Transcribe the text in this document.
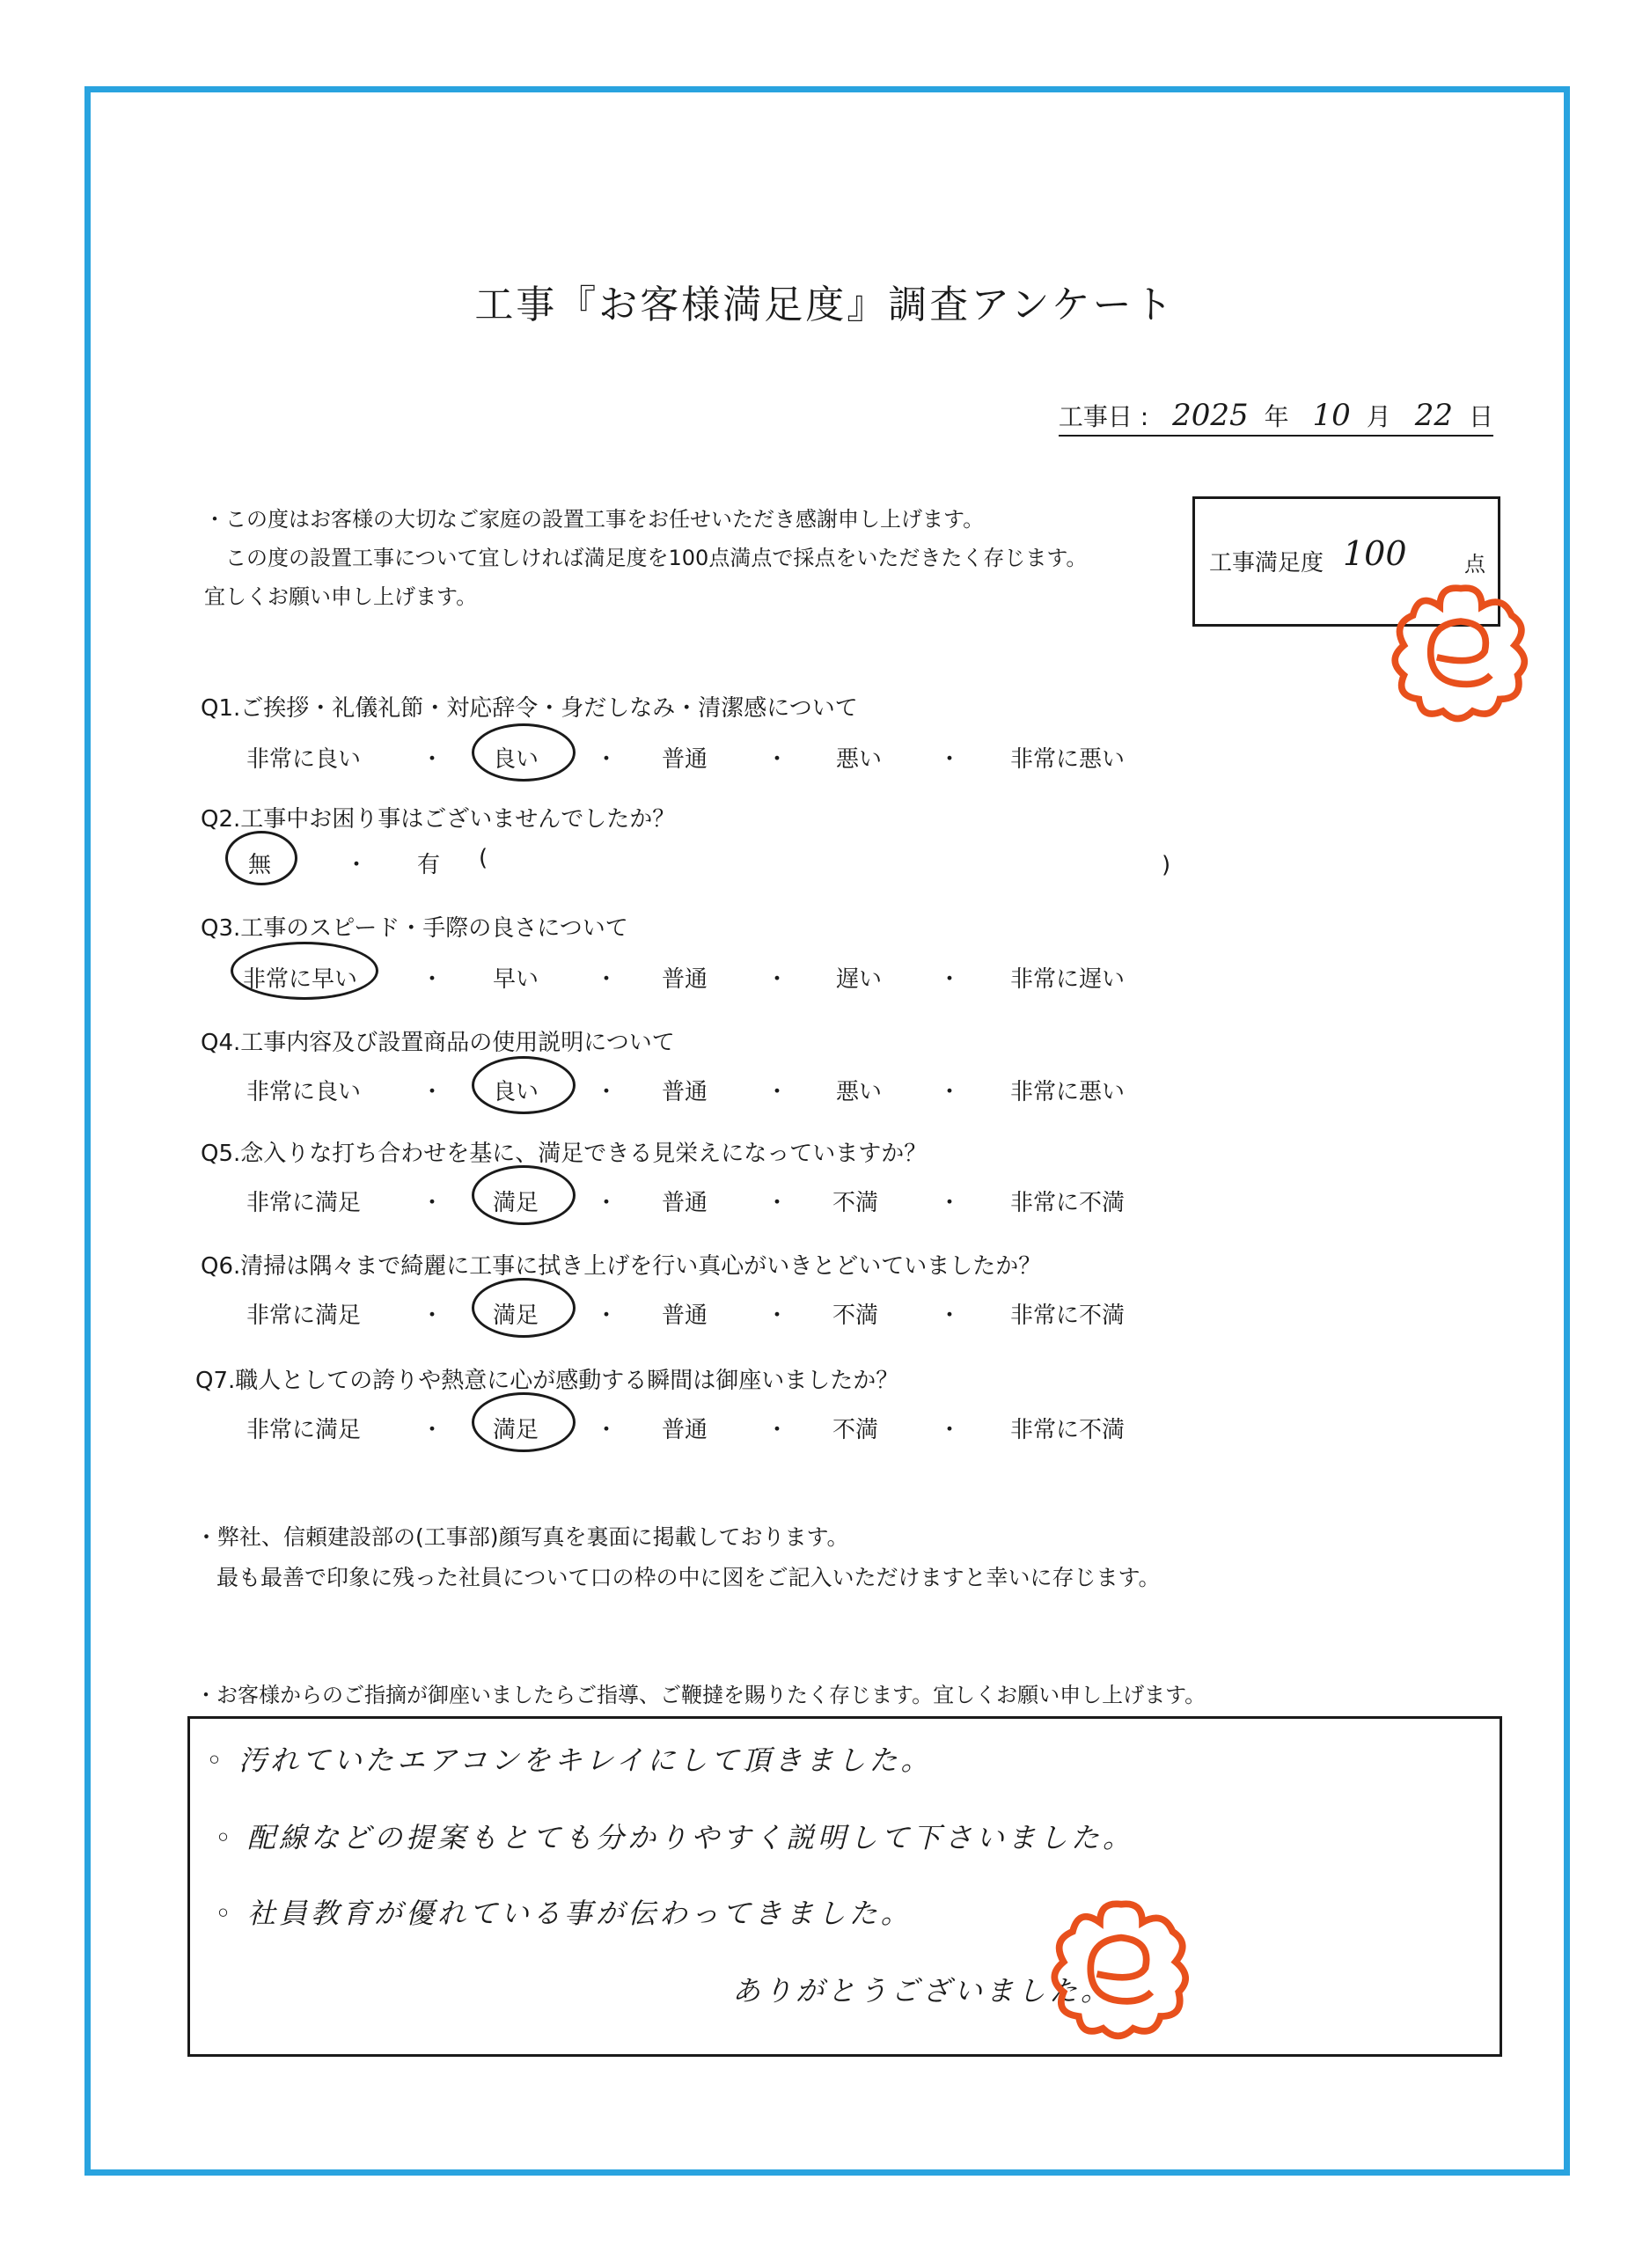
工事『お客様満足度』調査アンケート
工事日 : 2025 年 10 月 22 日
・この度はお客様の大切なご家庭の設置工事をお任せいただき感謝申し上げます。
この度の設置工事について宜しければ満足度を100点満点で採点をいただきたく存じます。
宜しくお願い申し上げます。
工事満足度 100	点
Q1.ご挨拶・礼儀礼節・対応辞令・身だしなみ・清潔感について
非常に良い	・ 良い ・ 普通	・ 悪い ・ 非常に悪い
Q2.工事中お困り事はございませんでしたか？
無	・ 有 (	)
Q3.工事のスピード・手際の良さについて
非常に早い	・ 早い ・ 普通	・ 遅い ・ 非常に遅い
Q4.工事内容及び設置商品の使用説明について
非常に良い	・ 良い ・ 普通	・ 悪い ・ 非常に悪い
Q5.念入りな打ち合わせを基に、満足できる見栄えになっていますか？
非常に満足	・ 満足 ・ 普通	・ 不満	・ 非常に不満
Q6.清掃は隅々まで綺麗に工事に拭き上げを行い真心がいきとどいていましたか？
非常に満足	・ 満足 ・ 普通	・ 不満	・ 非常に不満
Q7.職人としての誇りや熱意に心が感動する瞬間は御座いましたか？
非常に満足	・ 満足 ・ 普通	・ 不満	・ 非常に不満
・弊社、信頼建設部の(工事部)顔写真を裏面に掲載しております。
最も最善で印象に残った社員について口の枠の中に図をご記入いただけますと幸いに存じます。
・お客様からのご指摘が御座いましたらご指導、ご鞭撻を賜りたく存じます。宜しくお願い申し上げます。
◦ 汚れていたエアコンをキレイにして頂きました。
◦ 配線などの提案もとても分かりやすく説明して下さいました。
◦ 社員教育が優れている事が伝わってきました。
ありがとうございました。
